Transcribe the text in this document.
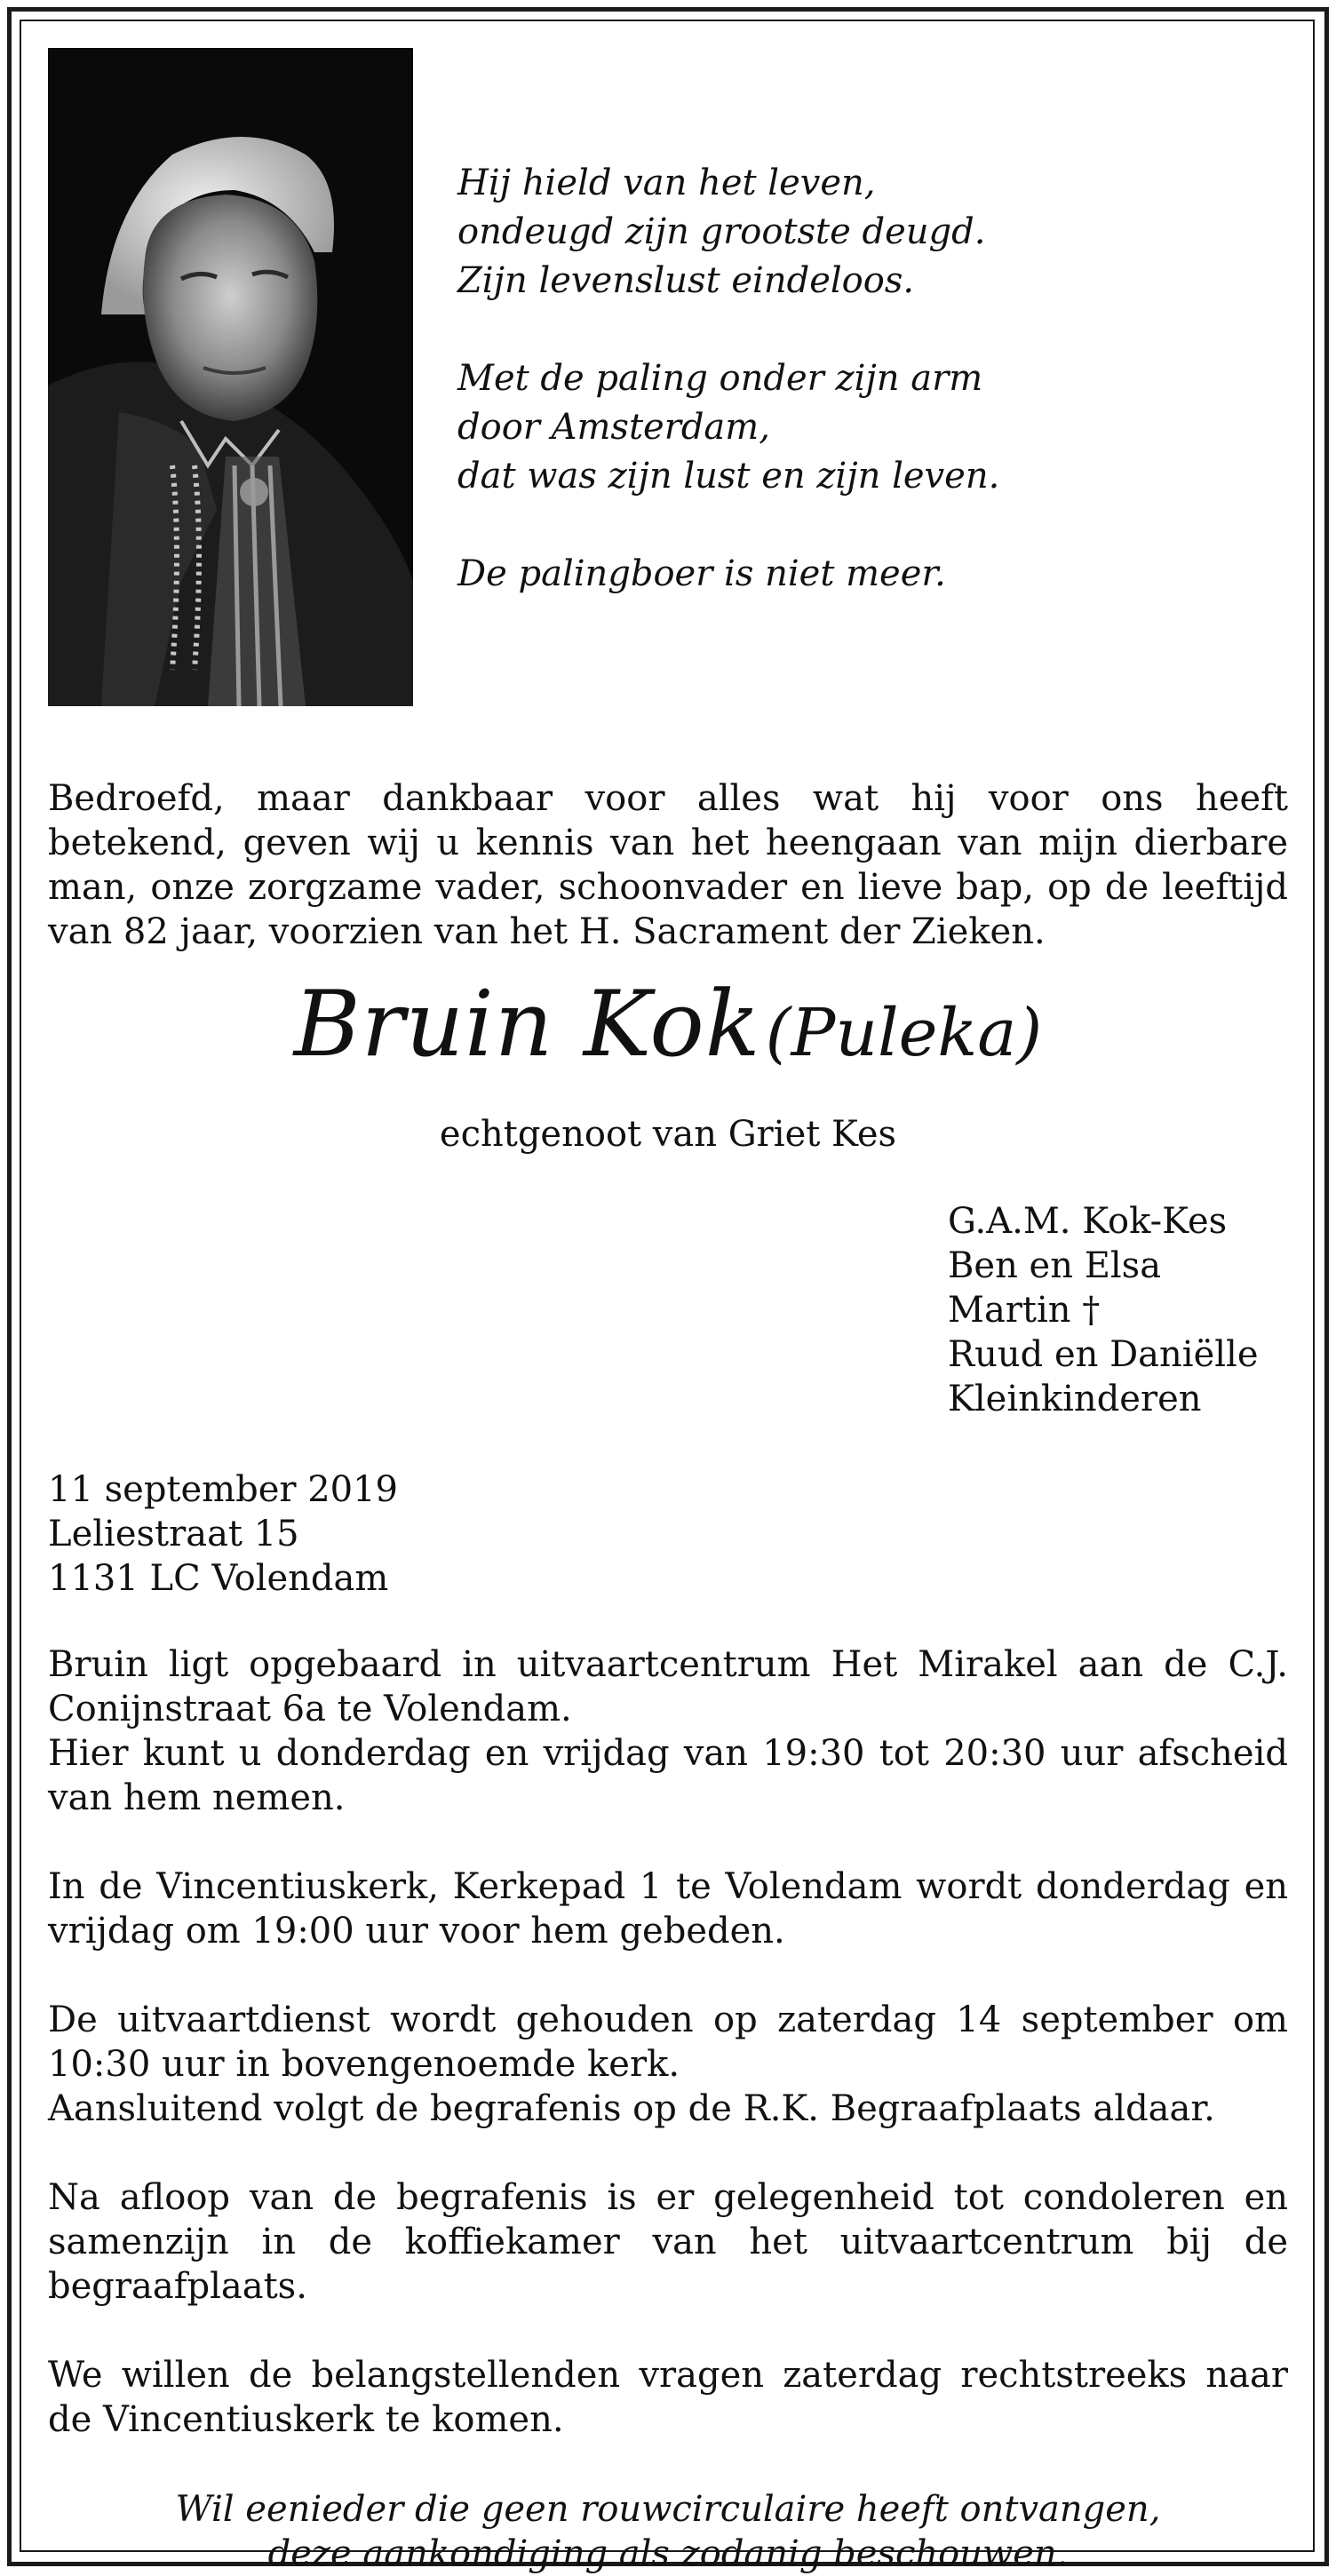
Hij hield van het leven,
ondeugd zijn grootste deugd.
Zijn levenslust eindeloos.
Met de paling onder zijn arm
door Amsterdam,
dat was zijn lust en zijn leven.
De palingboer is niet meer.
Bedroefd, maar dankbaar voor alles wat hij voor ons heeft betekend, geven wij u kennis van het heengaan van mijn dierbare man, onze zorgzame vader, schoonvader en lieve bap, op de leeftijd van 82 jaar, voorzien van het H. Sacrament der Zieken.
Bruin Kok (Puleka)
echtgenoot van Griet Kes
G.A.M. Kok-Kes
Ben en Elsa
Martin †
Ruud en Daniëlle
Kleinkinderen
11 september 2019
Leliestraat 15
1131 LC Volendam

Bruin ligt opgebaard in uitvaartcentrum Het Mirakel aan de C.J. Conijnstraat 6a te Volendam.
Hier kunt u donderdag en vrijdag van 19:30 tot 20:30 uur afscheid van hem nemen.

In de Vincentiuskerk, Kerkepad 1 te Volendam wordt donderdag en vrijdag om 19:00 uur voor hem gebeden.

De uitvaartdienst wordt gehouden op zaterdag 14 september om 10:30 uur in bovengenoemde kerk.
Aansluitend volgt de begrafenis op de R.K. Begraafplaats aldaar.

Na afloop van de begrafenis is er gelegenheid tot condoleren en samenzijn in de koffiekamer van het uitvaartcentrum bij de begraafplaats.

We willen de belangstellenden vragen zaterdag rechtstreeks naar de Vincentiuskerk te komen.

Wil eenieder die geen rouwcirculaire heeft ontvangen,
deze aankondiging als zodanig beschouwen.
